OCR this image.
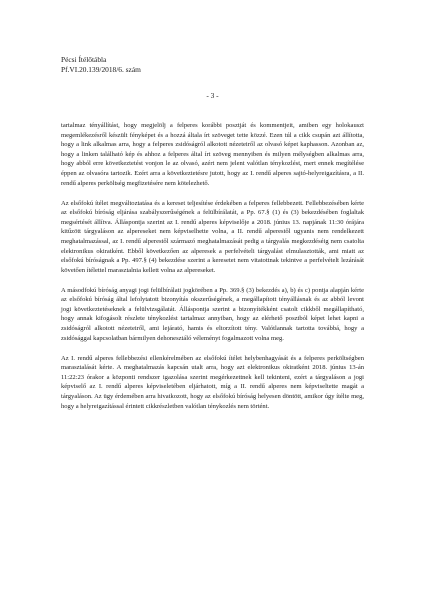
Pécsi Ítélőtábla
Pf.VI.20.139/2018/6. szám
- 3 -

tartalmaz tényállítást, hogy megjelölj a felperes korábbi posztját és kommentjeit, amiben egy holokauszt megemlékezésről készült fényképet és a hozzá általa írt szöveget tette közzé. Ezen túl a cikk csupán azt állította, hogy a link alkalmas arra, hogy a felperes zsidóságról alkotott nézeteiről az olvasó képet kaphasson. Azonban az, hogy a linken található kép és ahhoz a felperes által írt szöveg mennyiben és milyen mélységben alkalmas arra, hogy abból erre következtetést vonjon le az olvasó, azért nem jelent valótlan ténykozlést, mert ennek megítélése éppen az olvasóra tartozik. Ezért arra a következtetésre jutott, hogy az I. rendű alperes sajtó-helyreigazításra, a II. rendű alperes perköltség megfizetésére nem kötelezhető.

Az elsőfokú ítélet megváltoztatása és a kereset teljesítése érdekében a felperes fellebbezett. Fellebbezésében kérte az elsőfokú bíróság eljárása szabályszerűségének a felülbírálatát, a Pp. 67.§ (1) és (3) bekezdésében foglaltak megsértését állítva. Álláspontja szerint az I. rendű alperes képviselője a 2018. június 13. napjának 11:30 órájára kitűzött tárgyaláson az alpereseket nem képviselhette volna, a II. rendű alperestől ugyanis nem rendelkezett meghatalmazással, az I. rendű alperestől származó meghatalmazását pedig a tárgyalás megkezdéséig nem csatolta elektronikus okiratként. Ebből következően az alperesek a perfelvételi tárgyalást elmulasztották, ami miatt az elsőfokú bíróságnak a Pp. 497.§ (4) bekezdése szerint a keresetet nem vitatottnak tekintve a perfelvételt lezárását követően ítélettel marasztalnia kellett volna az alpereseket.

A másodfokú bíróság anyagi jogi felülbírálati jogkörében a Pp. 369.§ (3) bekezdés a), b) és c) pontja alapján kérte az elsőfokú bíróság által lefolytatott bizonyítás okszerűségének, a megállapított tényállásnak és az abból levont jogi következtetéseknek a felülvizsgálatát. Álláspontja szerint a bizonyítékként csatolt cikkből megállapítható, hogy annak kifogásolt részlete ténykozlést tartalmaz annyiban, hogy az elérhető posztból képet lehet kapni a zsidóságról alkotott nézeteiről, ami lejárató, hamis és eltorzított tény. Valótlannak tartotta továbbá, hogy a zsidósággal kapcsolatban bármilyen dehonesztáló véleményt fogalmazott volna meg.

Az I. rendű alperes fellebbezési ellenkérelmében az elsőfokú ítélet helybenhagyását és a felperes perköltségben marasztalását kérte. A meghatalmazás kapcsán utalt arra, hogy azt elektronikus okiratként 2018. június 13-án 11:22:23 órakor a központi rendszer igazolása szerint megérkezettnek kell tekinteni, ezért a tárgyaláson a jogi képviselő az I. rendű alperes képviseletében eljárhatott, míg a II. rendű alperes nem képviseltette magát a tárgyaláson. Az ügy érdemében arra hivatkozott, hogy az elsőfokú bíróság helyesen döntött, amikor úgy ítélte meg, hogy a helyreigazítással érintett cikkrészletben valótlan ténykozlés nem történt.
